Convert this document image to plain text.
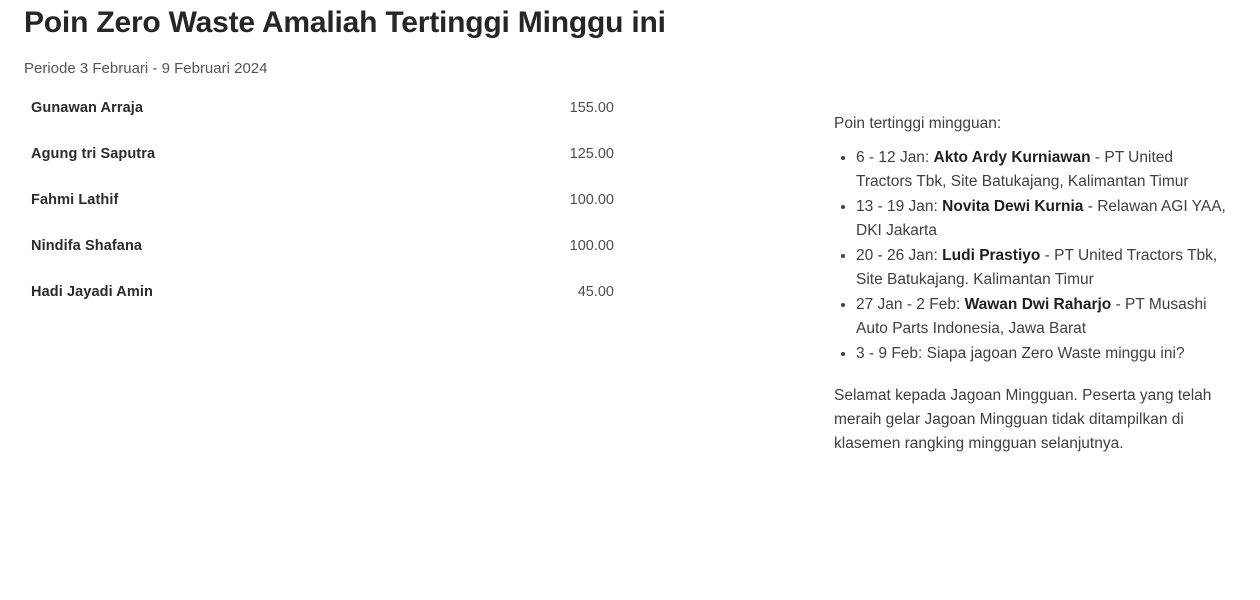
Poin Zero Waste Amaliah Tertinggi Minggu ini
Periode 3 Februari - 9 Februari 2024
Gunawan Arraja	155.00
Agung tri Saputra	125.00
Fahmi Lathif	100.00
Nindifa Shafana	100.00
Hadi Jayadi Amin	45.00

Poin tertinggi mingguan:

• 6 - 12 Jan: Akto Ardy Kurniawan - PT United Tractors Tbk, Site Batukajang, Kalimantan Timur
• 13 - 19 Jan: Novita Dewi Kurnia - Relawan AGI YAA, DKI Jakarta
• 20 - 26 Jan: Ludi Prastiyo - PT United Tractors Tbk, Site Batukajang. Kalimantan Timur
• 27 Jan - 2 Feb: Wawan Dwi Raharjo - PT Musashi Auto Parts Indonesia, Jawa Barat
• 3 - 9 Feb: Siapa jagoan Zero Waste minggu ini?

Selamat kepada Jagoan Mingguan. Peserta yang telah meraih gelar Jagoan Mingguan tidak ditampilkan di klasemen rangking mingguan selanjutnya.
